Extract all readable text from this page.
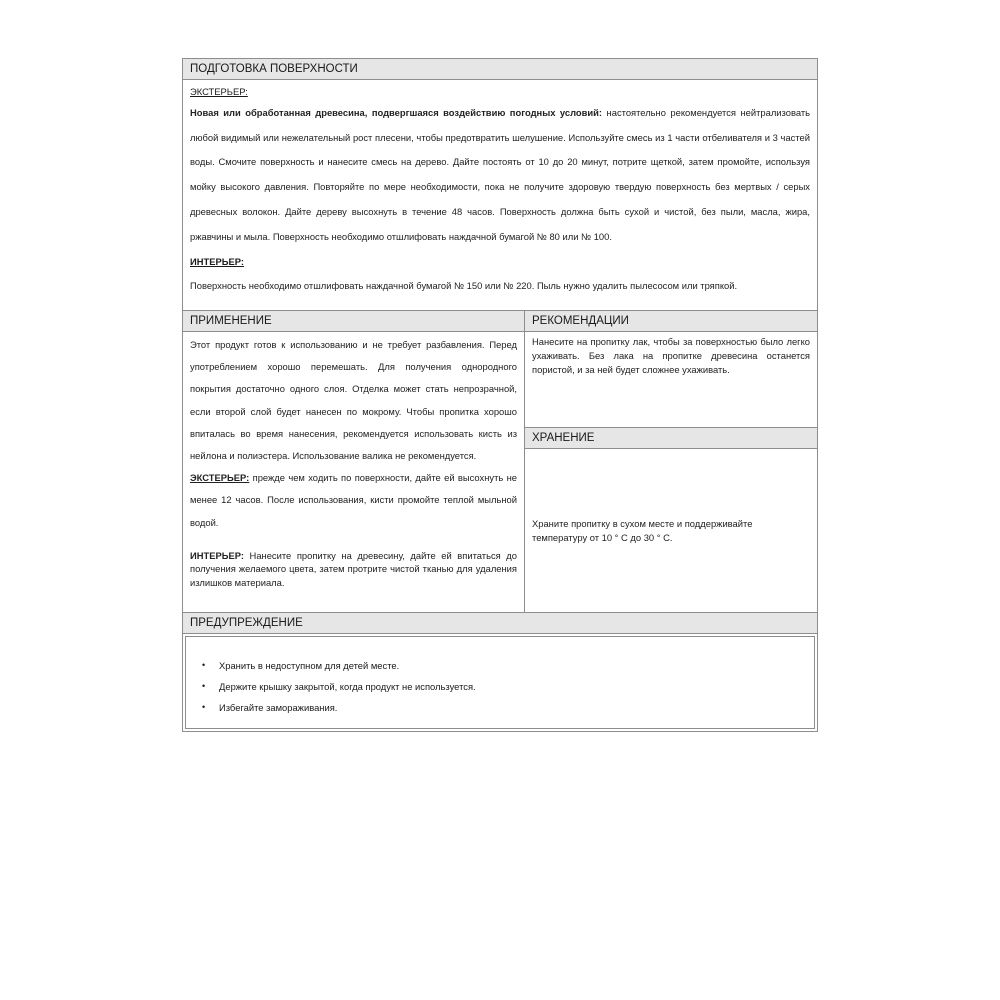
ПОДГОТОВКА ПОВЕРХНОСТИ

ЭКСТЕРЬЕР:

Новая или обработанная древесина, подвергшаяся воздействию погодных условий: настоятельно рекомендуется нейтрализовать любой видимый или нежелательный рост плесени, чтобы предотвратить шелушение. Используйте смесь из 1 части отбеливателя и 3 частей воды. Смочите поверхность и нанесите смесь на дерево. Дайте постоять от 10 до 20 минут, потрите щеткой, затем промойте, используя мойку высокого давления. Повторяйте по мере необходимости, пока не получите здоровую твердую поверхность без мертвых / серых древесных волокон. Дайте дереву высохнуть в течение 48 часов. Поверхность должна быть сухой и чистой, без пыли, масла, жира, ржавчины и мыла. Поверхность необходимо отшлифовать наждачной бумагой № 80 или № 100.

ИНТЕРЬЕР:

Поверхность необходимо отшлифовать наждачной бумагой № 150 или № 220. Пыль нужно удалить пылесосом или тряпкой.

ПРИМЕНЕНИЕ

Этот продукт готов к использованию и не требует разбавления. Перед употреблением хорошо перемешать. Для получения однородного покрытия достаточно одного слоя. Отделка может стать непрозрачной, если второй слой будет нанесен по мокрому. Чтобы пропитка хорошо впиталась во время нанесения, рекомендуется использовать кисть из нейлона и полиэстера. Использование валика не рекомендуется.

ЭКСТЕРЬЕР: прежде чем ходить по поверхности, дайте ей высохнуть не менее 12 часов. После использования, кисти промойте теплой мыльной водой.

ИНТЕРЬЕР: Нанесите пропитку на древесину, дайте ей впитаться до получения желаемого цвета, затем протрите чистой тканью для удаления излишков материала.

РЕКОМЕНДАЦИИ

Нанесите на пропитку лак, чтобы за поверхностью было легко ухаживать. Без лака на пропитке древесина останется пористой, и за ней будет сложнее ухаживать.

ХРАНЕНИЕ

Храните пропитку в сухом месте и поддерживайте температуру от 10 ° С до 30 ° С.

ПРЕДУПРЕЖДЕНИЕ
• Хранить в недоступном для детей месте.
• Держите крышку закрытой, когда продукт не используется.
• Избегайте замораживания.
